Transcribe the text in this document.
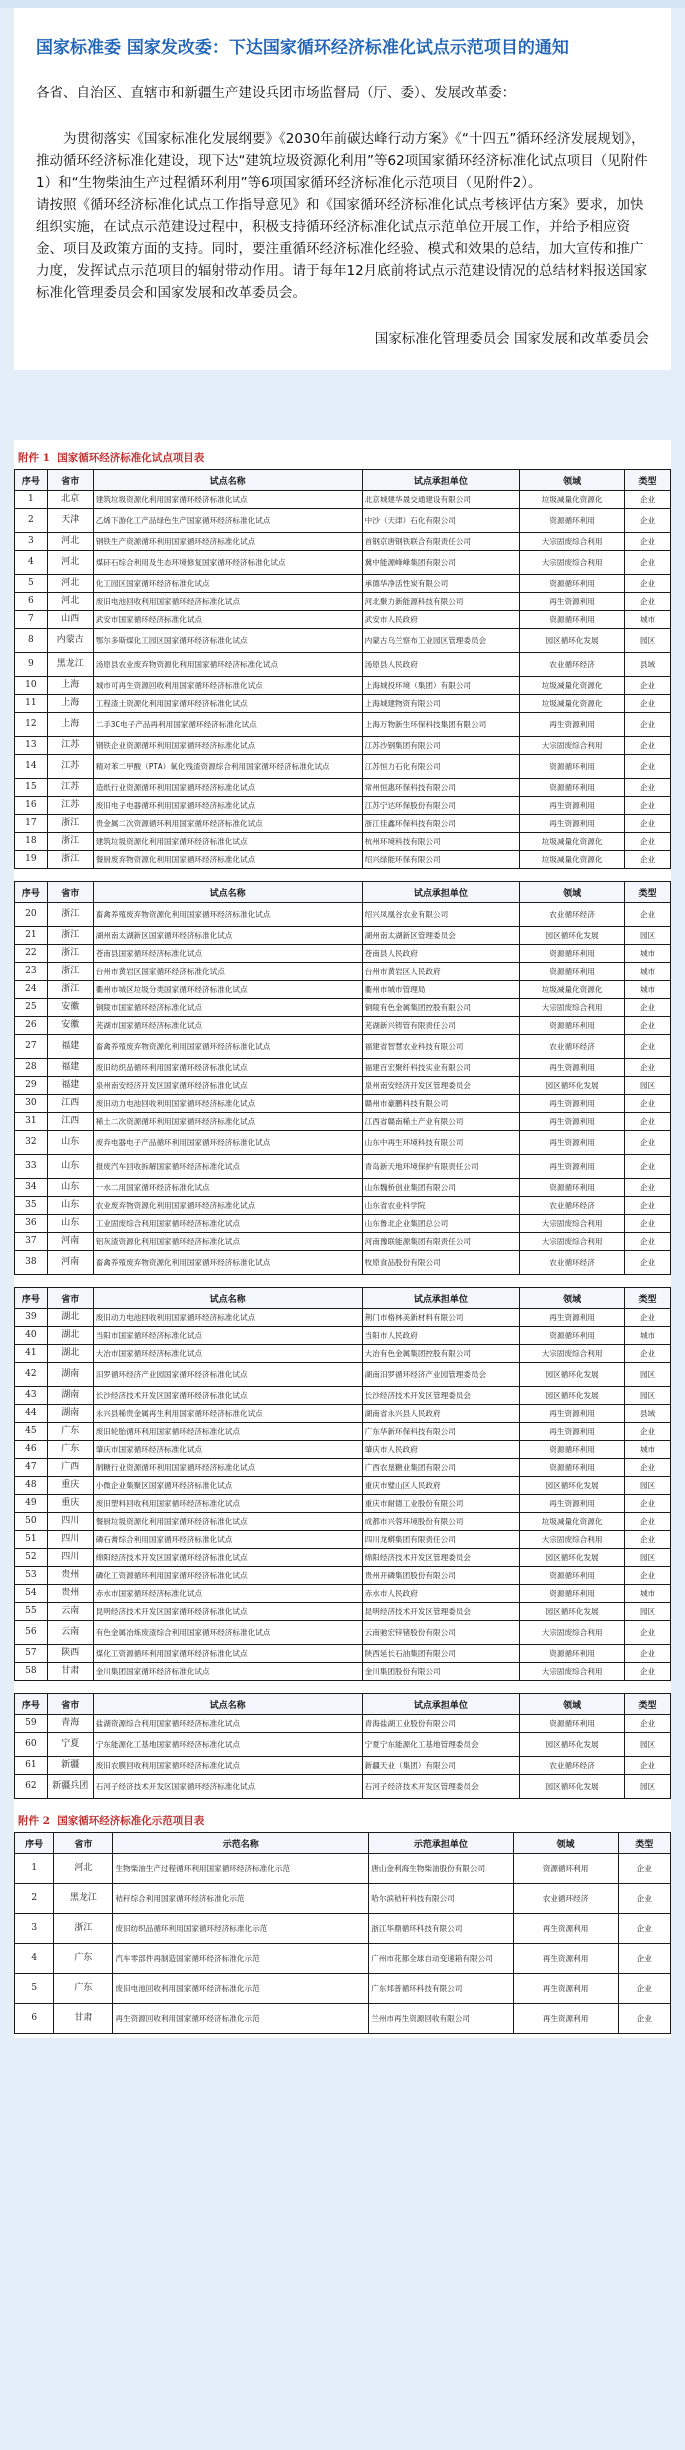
国家标准委 国家发改委：下达国家循环经济标准化试点示范项目的通知

各省、自治区、直辖市和新疆生产建设兵团市场监督局（厅、委）、发展改革委：

为贯彻落实《国家标准化发展纲要》《2030年前碳达峰行动方案》《“十四五”循环经济发展规划》，推动循环经济标准化建设，现下达“建筑垃圾资源化利用”等62项国家循环经济标准化试点项目（见附件1）和“生物柴油生产过程循环利用”等6项国家循环经济标准化示范项目（见附件2）。

请按照《循环经济标准化试点工作指导意见》和《国家循环经济标准化试点考核评估方案》要求，加快组织实施，在试点示范建设过程中，积极支持循环经济标准化试点示范单位开展工作，并给予相应资金、项目及政策方面的支持。同时，要注重循环经济标准化经验、模式和效果的总结，加大宣传和推广力度，发挥试点示范项目的辐射带动作用。请于每年12月底前将试点示范建设情况的总结材料报送国家标准化管理委员会和国家发展和改革委员会。

国家标准化管理委员会 国家发展和改革委员会

附件 1 国家循环经济标准化试点项目表
序号	省市	试点名称	试点承担单位	领域	类型
1	北京	建筑垃圾资源化利用国家循环经济标准化试点	北京城建华晟交通建设有限公司	垃圾减量化资源化	企业
2	天津	乙烯下游化工产品绿色生产国家循环经济标准化试点	中沙（天津）石化有限公司	资源循环利用	企业
3	河北	钢铁生产资源循环利用国家循环经济标准化试点	首钢京唐钢铁联合有限责任公司	大宗固废综合利用	企业
4	河北	煤矸石综合利用及生态环境修复国家循环经济标准化试点	冀中能源峰峰集团有限公司	大宗固废综合利用	企业
5	河北	化工园区国家循环经济标准化试点	承德华净活性炭有限公司	资源循环利用	企业
6	河北	废旧电池回收利用国家循环经济标准化试点	河北聚力新能源科技有限公司	再生资源利用	企业
7	山西	武安市国家循环经济标准化试点	武安市人民政府	资源循环利用	城市
8	内蒙古	鄂尔多斯煤化工园区国家循环经济标准化试点	内蒙古乌兰察布工业园区管理委员会	园区循环化发展	园区
9	黑龙江	汤原县农业废弃物资源化利用国家循环经济标准化试点	汤原县人民政府	农业循环经济	县域
10	上海	城市可再生资源回收利用国家循环经济标准化试点	上海城投环境（集团）有限公司	垃圾减量化资源化	企业
11	上海	工程渣土资源化利用国家循环经济标准化试点	上海城建物资有限公司	垃圾减量化资源化	企业
12	上海	二手3C电子产品再利用国家循环经济标准化试点	上海万物新生环保科技集团有限公司	再生资源利用	企业
13	江苏	钢铁企业资源循环利用国家循环经济标准化试点	江苏沙钢集团有限公司	大宗固废综合利用	企业
14	江苏	精对苯二甲酸（PTA）氧化残渣资源综合利用国家循环经济标准化试点	江苏恒力石化有限公司	资源循环利用	企业
15	江苏	造纸行业资源循环利用国家循环经济标准化试点	常州恒惠环保科技有限公司	资源循环利用	企业
16	江苏	废旧电子电器循环利用国家循环经济标准化试点	江苏宁达环保股份有限公司	再生资源利用	企业
17	浙江	贵金属二次资源循环利用国家循环经济标准化试点	浙江佳鑫环保科技有限公司	再生资源利用	企业
18	浙江	建筑垃圾资源化利用国家循环经济标准化试点	杭州环境科技有限公司	垃圾减量化资源化	企业
19	浙江	餐厨废弃物资源化利用国家循环经济标准化试点	绍兴绿能环保有限公司	垃圾减量化资源化	企业
序号	省市	试点名称	试点承担单位	领域	类型
20	浙江	畜禽养殖废弃物资源化利用国家循环经济标准化试点	绍兴凤凰谷农业有限公司	农业循环经济	企业
21	浙江	湖州南太湖新区国家循环经济标准化试点	湖州南太湖新区管理委员会	园区循环化发展	园区
22	浙江	苍南县国家循环经济标准化试点	苍南县人民政府	资源循环利用	城市
23	浙江	台州市黄岩区国家循环经济标准化试点	台州市黄岩区人民政府	资源循环利用	城市
24	浙江	衢州市城区垃圾分类国家循环经济标准化试点	衢州市城市管理局	垃圾减量化资源化	城市
25	安徽	铜陵市国家循环经济标准化试点	铜陵有色金属集团控股有限公司	大宗固废综合利用	企业
26	安徽	芜湖市国家循环经济标准化试点	芜湖新兴铸管有限责任公司	资源循环利用	企业
27	福建	畜禽养殖废弃物资源化利用国家循环经济标准化试点	福建省智慧农业科技有限公司	农业循环经济	企业
28	福建	废旧纺织品循环利用国家循环经济标准化试点	福建百宏聚纤科技实业有限公司	再生资源利用	企业
29	福建	泉州南安经济开发区国家循环经济标准化试点	泉州南安经济开发区管理委员会	园区循环化发展	园区
30	江西	废旧动力电池回收利用国家循环经济标准化试点	赣州市豪鹏科技有限公司	再生资源利用	企业
31	江西	稀土二次资源循环利用国家循环经济标准化试点	江西省赣南稀土产业有限公司	再生资源利用	企业
32	山东	废弃电器电子产品循环利用国家循环经济标准化试点	山东中再生环境科技有限公司	再生资源利用	企业
33	山东	报废汽车回收拆解国家循环经济标准化试点	青岛新天地环境保护有限责任公司	再生资源利用	企业
34	山东	一水二用国家循环经济标准化试点	山东魏桥创业集团有限公司	资源循环利用	企业
35	山东	农业废弃物资源化利用国家循环经济标准化试点	山东省农业科学院	农业循环经济	企业
36	山东	工业固废综合利用国家循环经济标准化试点	山东鲁北企业集团总公司	大宗固废综合利用	企业
37	河南	铝灰渣资源化利用国家循环经济标准化试点	河南豫联能源集团有限责任公司	大宗固废综合利用	企业
38	河南	畜禽养殖废弃物资源化利用国家循环经济标准化试点	牧原食品股份有限公司	农业循环经济	企业
序号	省市	试点名称	试点承担单位	领域	类型
39	湖北	废旧动力电池回收利用国家循环经济标准化试点	荆门市格林美新材料有限公司	再生资源利用	企业
40	湖北	当阳市国家循环经济标准化试点	当阳市人民政府	资源循环利用	城市
41	湖北	大冶市国家循环经济标准化试点	大冶有色金属集团控股有限公司	大宗固废综合利用	企业
42	湖南	汨罗循环经济产业园国家循环经济标准化试点	湖南汨罗循环经济产业园管理委员会	园区循环化发展	园区
43	湖南	长沙经济技术开发区国家循环经济标准化试点	长沙经济技术开发区管理委员会	园区循环化发展	园区
44	湖南	永兴县稀贵金属再生利用国家循环经济标准化试点	湖南省永兴县人民政府	再生资源利用	县域
45	广东	废旧轮胎循环利用国家循环经济标准化试点	广东华新环保科技有限公司	再生资源利用	企业
46	广东	肇庆市国家循环经济标准化试点	肇庆市人民政府	资源循环利用	城市
47	广西	制糖行业资源循环利用国家循环经济标准化试点	广西农垦糖业集团有限公司	资源循环利用	企业
48	重庆	小微企业集聚区国家循环经济标准化试点	重庆市璧山区人民政府	园区循环化发展	园区
49	重庆	废旧塑料回收利用国家循环经济标准化试点	重庆市耐德工业股份有限公司	再生资源利用	企业
50	四川	餐厨垃圾资源化利用国家循环经济标准化试点	成都市兴蓉环境股份有限公司	垃圾减量化资源化	企业
51	四川	磷石膏综合利用国家循环经济标准化试点	四川龙蟒集团有限责任公司	大宗固废综合利用	企业
52	四川	绵阳经济技术开发区国家循环经济标准化试点	绵阳经济技术开发区管理委员会	园区循环化发展	园区
53	贵州	磷化工资源循环利用国家循环经济标准化试点	贵州开磷集团股份有限公司	资源循环利用	企业
54	贵州	赤水市国家循环经济标准化试点	赤水市人民政府	资源循环利用	城市
55	云南	昆明经济技术开发区国家循环经济标准化试点	昆明经济技术开发区管理委员会	园区循环化发展	园区
56	云南	有色金属冶炼废渣综合利用国家循环经济标准化试点	云南驰宏锌锗股份有限公司	大宗固废综合利用	企业
57	陕西	煤化工资源循环利用国家循环经济标准化试点	陕西延长石油集团有限公司	资源循环利用	企业
58	甘肃	金川集团国家循环经济标准化试点	金川集团股份有限公司	大宗固废综合利用	企业
序号	省市	试点名称	试点承担单位	领域	类型
59	青海	盐湖资源综合利用国家循环经济标准化试点	青海盐湖工业股份有限公司	资源循环利用	企业
60	宁夏	宁东能源化工基地国家循环经济标准化试点	宁夏宁东能源化工基地管理委员会	园区循环化发展	园区
61	新疆	废旧农膜回收利用国家循环经济标准化试点	新疆天业（集团）有限公司	农业循环经济	企业
62	新疆兵团	石河子经济技术开发区国家循环经济标准化试点	石河子经济技术开发区管理委员会	园区循环化发展	园区
附件 2 国家循环经济标准化示范项目表
序号	省市	示范名称	示范承担单位	领域	类型
1	河北	生物柴油生产过程循环利用国家循环经济标准化示范	唐山金利海生物柴油股份有限公司	资源循环利用	企业
2	黑龙江	秸秆综合利用国家循环经济标准化示范	哈尔滨秸秆科技有限公司	农业循环经济	企业
3	浙江	废旧纺织品循环利用国家循环经济标准化示范	浙江华鼎循环科技有限公司	再生资源利用	企业
4	广东	汽车零部件再制造国家循环经济标准化示范	广州市花都全球自动变速箱有限公司	再生资源利用	企业
5	广东	废旧电池回收利用国家循环经济标准化示范	广东邦普循环科技有限公司	再生资源利用	企业
6	甘肃	再生资源回收利用国家循环经济标准化示范	兰州市再生资源回收有限公司	再生资源利用	企业
